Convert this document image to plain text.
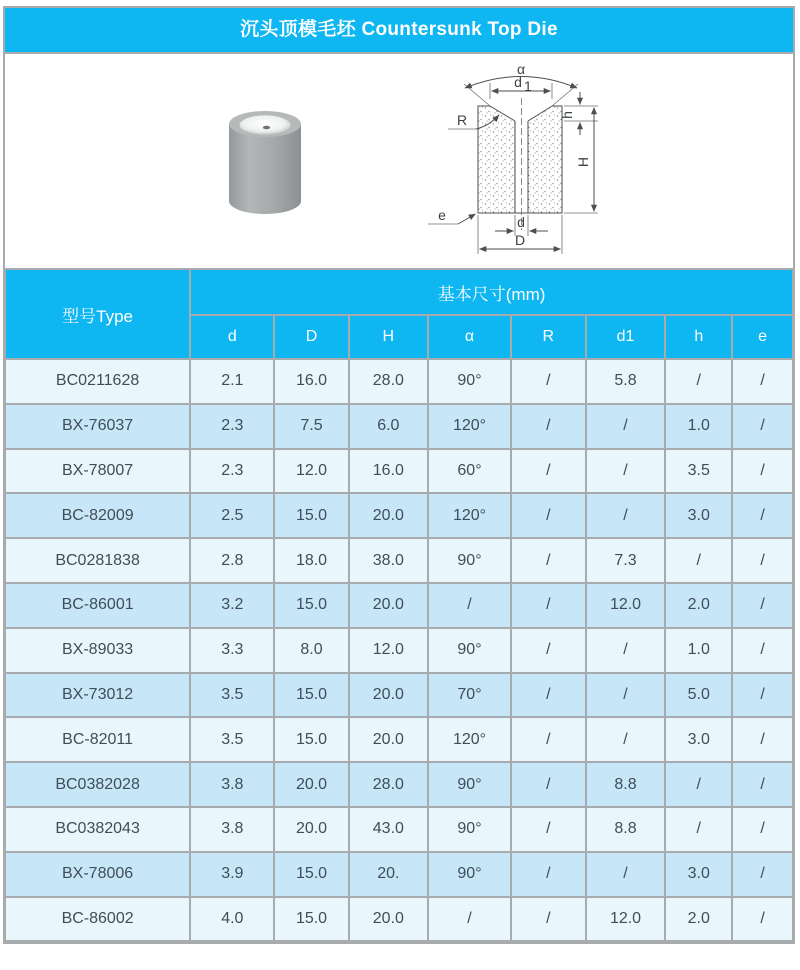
沉头顶模毛坯 Countersunk Top Die
α
d 1
h
H
R
e	d
D
型号Type	基本尺寸(mm)							
	d	D	H	α	R	d1	h	e
BC0211628	2.1	16.0	28.0	90°	/	5.8	/	/
BX-76037	2.3	7.5	6.0	120°	/	/	1.0	/
BX-78007	2.3	12.0	16.0	60°	/	/	3.5	/
BC-82009	2.5	15.0	20.0	120°	/	/	3.0	/
BC0281838	2.8	18.0	38.0	90°	/	7.3	/	/
BC-86001	3.2	15.0	20.0	/	/	12.0	2.0	/
BX-89033	3.3	8.0	12.0	90°	/	/	1.0	/
BX-73012	3.5	15.0	20.0	70°	/	/	5.0	/
BC-82011	3.5	15.0	20.0	120°	/	/	3.0	/
BC0382028	3.8	20.0	28.0	90°	/	8.8	/	/
BC0382043	3.8	20.0	43.0	90°	/	8.8	/	/
BX-78006	3.9	15.0	20.	90°	/	/	3.0	/
BC-86002	4.0	15.0	20.0	/	/	12.0	2.0	/
